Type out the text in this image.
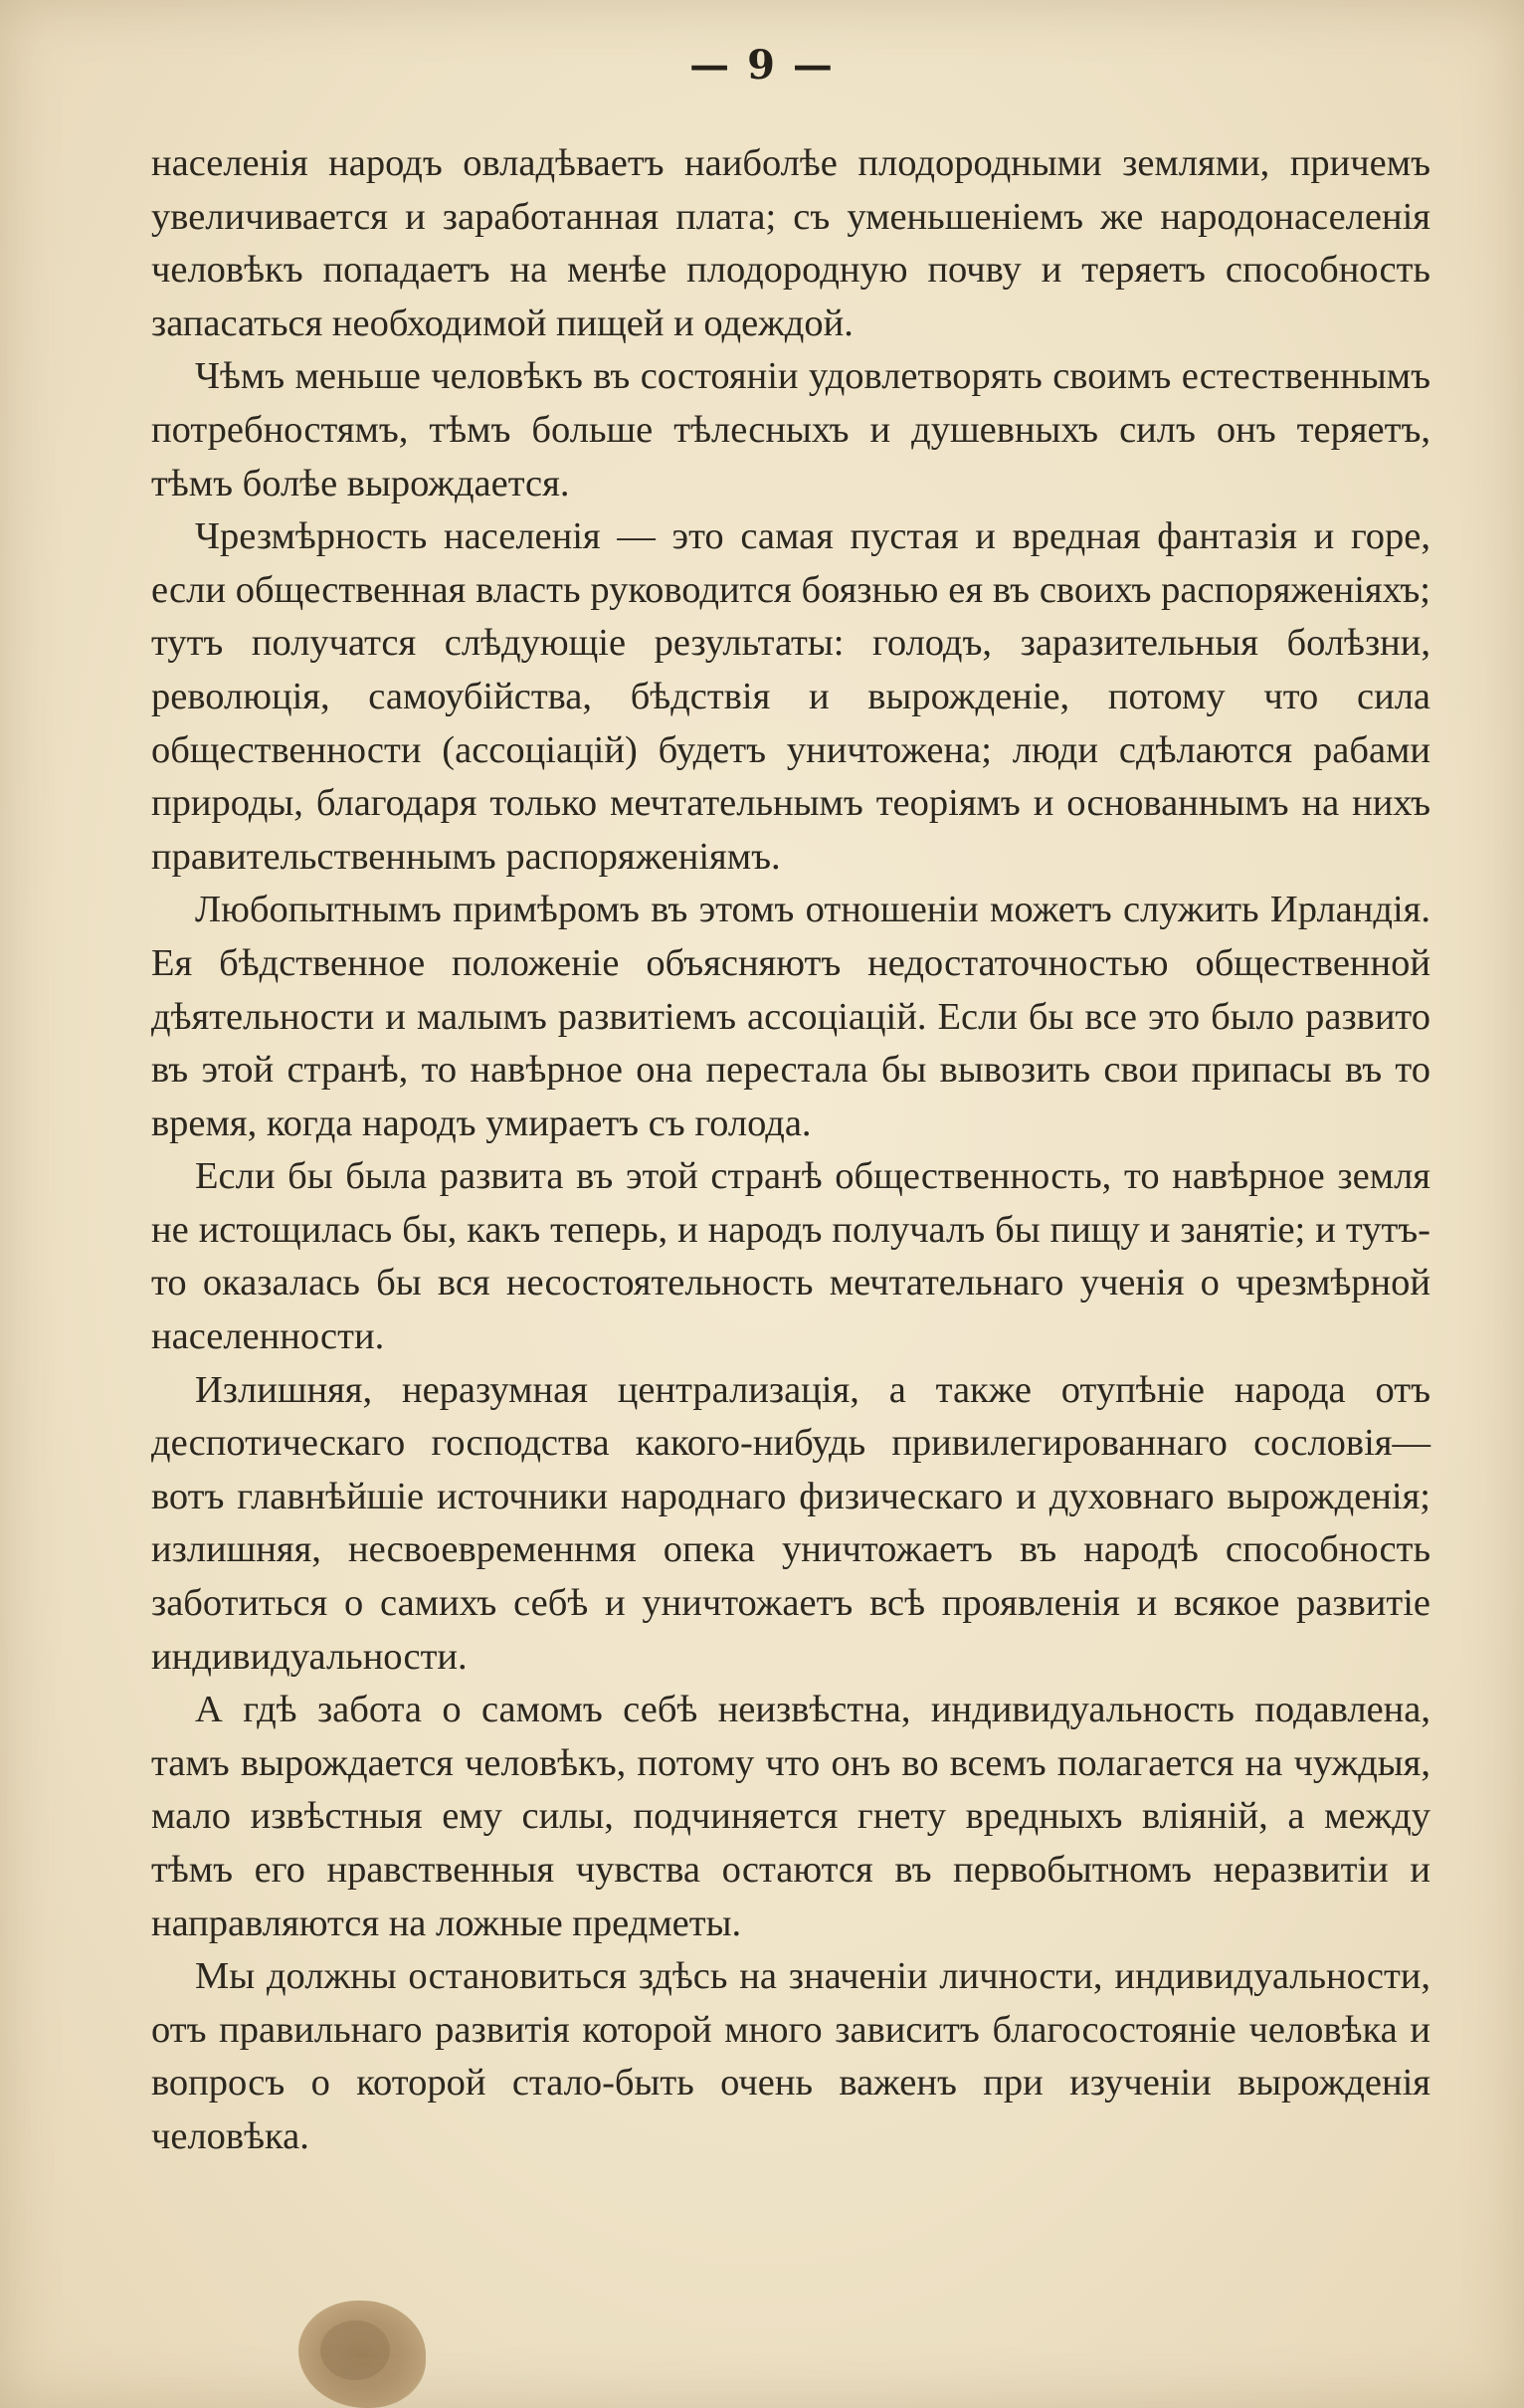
— 9 —

населенія народъ овладѣваетъ наиболѣе плодородными землями, причемъ увеличивается и заработанная плата; съ уменьшеніемъ же народонаселенія человѣкъ попадаетъ на менѣе плодородную почву и теряетъ способность запасаться необходимой пищей и одеждой.

Чѣмъ меньше человѣкъ въ состояніи удовлетворять своимъ естественнымъ потребностямъ, тѣмъ больше тѣлесныхъ и душевныхъ силъ онъ теряетъ, тѣмъ болѣе вырождается.

Чрезмѣрность населенія — это самая пустая и вредная фантазія и горе, если общественная власть руководится боязнью ея въ своихъ распоряженіяхъ; тутъ получатся слѣдующіе результаты: голодъ, заразительныя болѣзни, революція, самоубійства, бѣдствія и вырожденіе, потому что сила общественности (ассоціацій) будетъ уничтожена; люди сдѣлаются рабами природы, благодаря только мечтательнымъ теоріямъ и основаннымъ на нихъ правительственнымъ распоряженіямъ.

Любопытнымъ примѣромъ въ этомъ отношеніи можетъ служить Ирландія. Ея бѣдственное положеніе объясняютъ недостаточностью общественной дѣятельности и малымъ развитіемъ ассоціацій. Если бы все это было развито въ этой странѣ, то навѣрное она перестала бы вывозить свои припасы въ то время, когда народъ умираетъ съ голода.

Если бы была развита въ этой странѣ общественность, то навѣрное земля не истощилась бы, какъ теперь, и народъ получалъ бы пищу и занятіе; и тутъ-то оказалась бы вся несостоятельность мечтательнаго ученія о чрезмѣрной населенности.

Излишняя, неразумная централизація, а также отупѣніе народа отъ деспотическаго господства какого-нибудь привилегированнаго сословія—вотъ главнѣйшіе источники народнаго физическаго и духовнаго вырожденія; излишняя, несвоевременнмя опека уничтожаетъ въ народѣ способность заботиться о самихъ себѣ и уничтожаетъ всѣ проявленія и всякое развитіе индивидуальности.

А гдѣ забота о самомъ себѣ неизвѣстна, индивидуальность подавлена, тамъ вырождается человѣкъ, потому что онъ во всемъ полагается на чуждыя, мало извѣстныя ему силы, подчиняется гнету вредныхъ вліяній, а между тѣмъ его нравственныя чувства остаются въ первобытномъ неразвитіи и направляются на ложные предметы.

Мы должны остановиться здѣсь на значеніи личности, индивидуальности, отъ правильнаго развитія которой много зависитъ благосостояніе человѣка и вопросъ о которой стало-быть очень важенъ при изученіи вырожденія человѣка.
